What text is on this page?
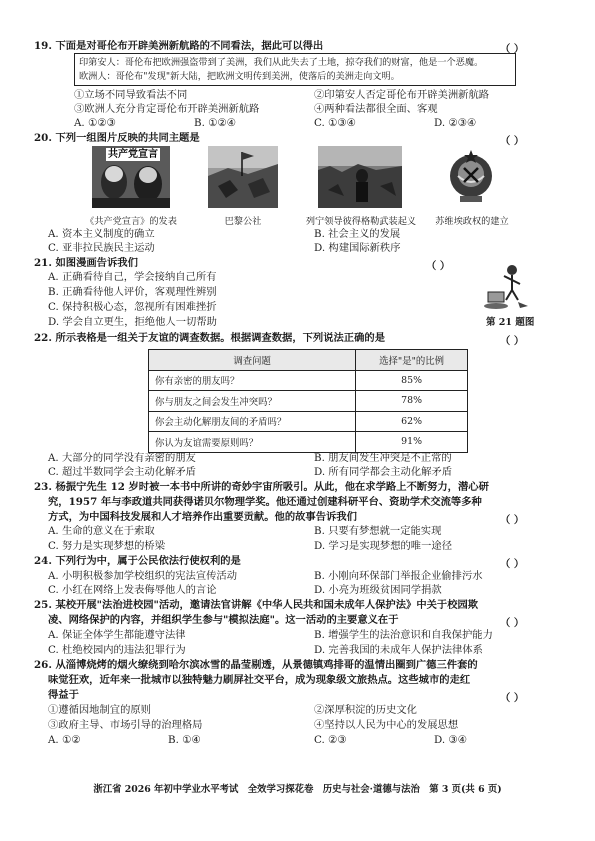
19. 下面是对哥伦布开辟美洲新航路的不同看法，据此可以得出	（ ）
印第安人：哥伦布把欧洲强盗带到了美洲，我们从此失去了土地，掠夺我们的财富，他是一个恶魔。
欧洲人：哥伦布"发现"新大陆，把欧洲文明传到美洲，使落后的美洲走向文明。
①立场不同导致看法不同	②印第安人否定哥伦布开辟美洲新航路
③欧洲人充分肯定哥伦布开辟美洲新航路	④两种看法都很全面、客观
A. ①②③	B. ①②④	C. ①③④	D. ②③④
20. 下列一组图片反映的共同主题是	（ ）
共产党宣言
《共产党宣言》的发表	巴黎公社	列宁领导彼得格勒武装起义	苏维埃政权的建立
A. 资本主义制度的确立	B. 社会主义的发展
C. 亚非拉民族民主运动	D. 构建国际新秩序
21. 如图漫画告诉我们	（ ）
A. 正确看待自己，学会接纳自己所有
B. 正确看待他人评价，客观理性辨别
C. 保持积极心态，忽视所有困难挫折
D. 学会自立更生，拒绝他人一切帮助	第 21 题图
22. 所示表格是一组关于友谊的调查数据。根据调查数据，下列说法正确的是	（ ）
调查问题	选择"是"的比例
你有亲密的朋友吗？	85%
你与朋友之间会发生冲突吗？	78%
你会主动化解朋友间的矛盾吗？	62%
你认为友谊需要原则吗？	91%
A. 大部分的同学没有亲密的朋友	B. 朋友间发生冲突是不正常的
C. 超过半数同学会主动化解矛盾	D. 所有同学都会主动化解矛盾
23. 杨振宁先生 12 岁时被一本书中所讲的奇妙宇宙所吸引。从此，他在求学路上不断努力，潜心研
究，1957 年与李政道共同获得诺贝尔物理学奖。他还通过创建科研平台、资助学术交流等多种
方式，为中国科技发展和人才培养作出重要贡献。他的故事告诉我们	（ ）
A. 生命的意义在于索取	B. 只要有梦想就一定能实现
C. 努力是实现梦想的桥梁	D. 学习是实现梦想的唯一途径
24. 下列行为中，属于公民依法行使权利的是	（ ）
A. 小明积极参加学校组织的宪法宣传活动	B. 小刚向环保部门举报企业偷排污水
C. 小红在网络上发表侮辱他人的言论	D. 小亮为班级贫困同学捐款
25. 某校开展"法治进校园"活动，邀请法官讲解《中华人民共和国未成年人保护法》中关于校园欺
凌、网络保护的内容，并组织学生参与"模拟法庭"。这一活动的主要意义在于	（ ）
A. 保证全体学生都能遵守法律	B. 增强学生的法治意识和自我保护能力
C. 杜绝校园内的违法犯罪行为	D. 完善我国的未成年人保护法律体系
26. 从淄博烧烤的烟火缭绕到哈尔滨冰雪的晶莹剔透，从景德镇鸡排哥的温情出圈到广德三件套的
味觉狂欢，近年来一批城市以独特魅力刷屏社交平台，成为现象级文旅热点。这些城市的走红
得益于	（ ）
①遵循因地制宜的原则	②深厚积淀的历史文化
③政府主导、市场引导的治理格局	④坚持以人民为中心的发展思想
A. ①②	B. ①④	C. ②③	D. ③④
浙江省 2026 年初中学业水平考试　全效学习探花卷　历史与社会·道德与法治　第 3 页(共 6 页)
